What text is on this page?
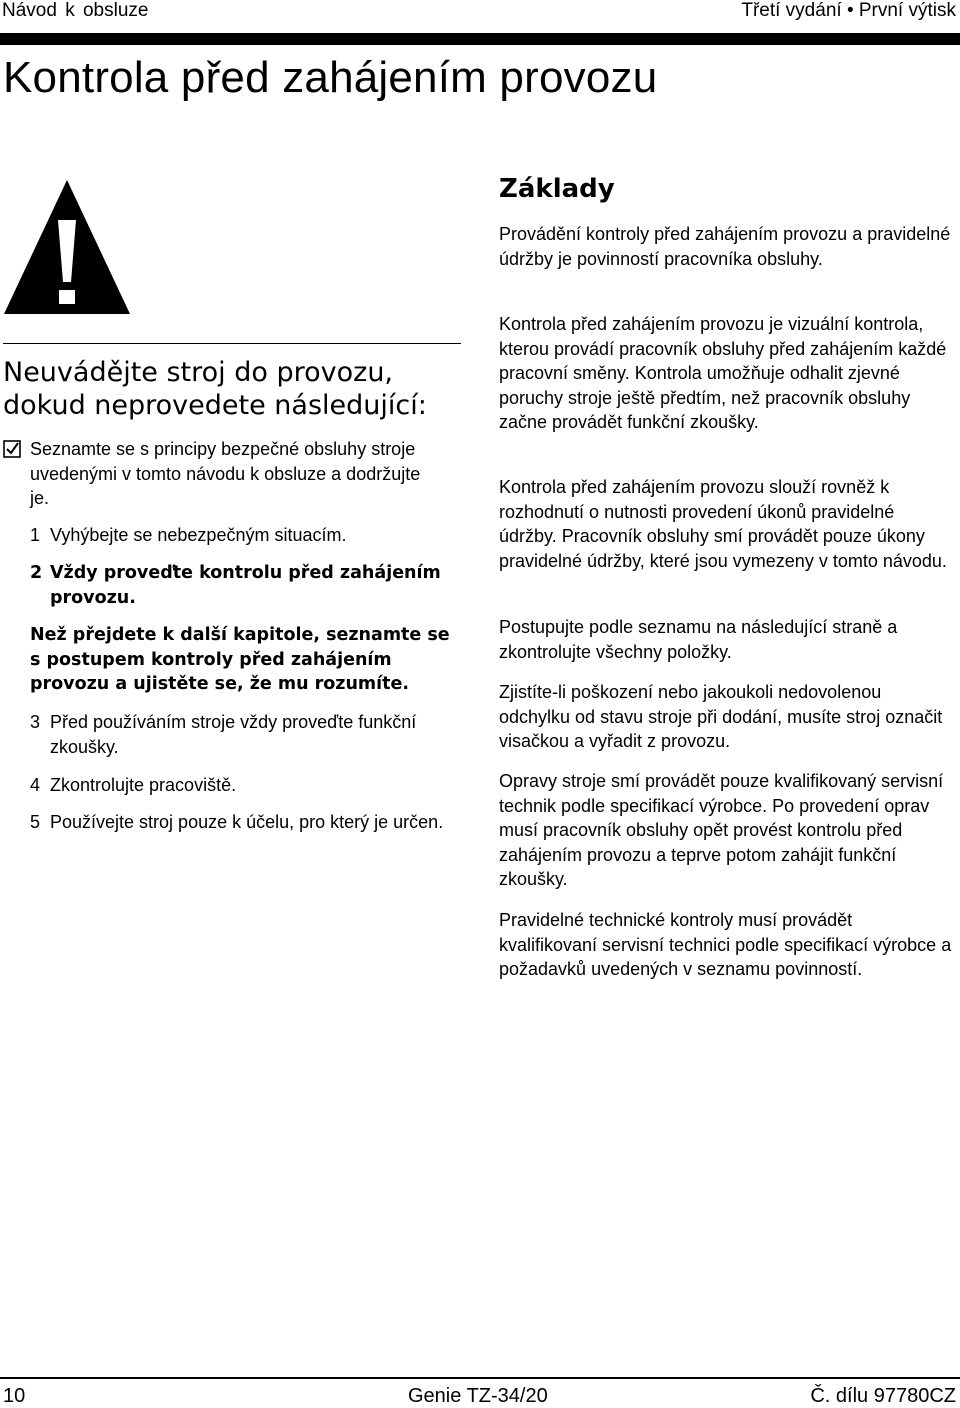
Návod k obsluze	Třetí vydání • První výtisk
Kontrola před zahájením provozu
Neuvádějte stroj do provozu,
dokud neprovedete následující:
Seznamte se s principy bezpečné obsluhy stroje uvedenými v tomto návodu k obsluze a dodržujte je.
1 Vyhýbejte se nebezpečným situacím.
2 Vždy proveďte kontrolu před zahájením provozu.
Než přejdete k další kapitole, seznamte se s postupem kontroly před zahájením provozu a ujistěte se, že mu rozumíte.
3 Před používáním stroje vždy proveďte funkční zkoušky.
4 Zkontrolujte pracoviště.
5 Používejte stroj pouze k účelu, pro který je určen.
Základy

Provádění kontroly před zahájením provozu a pravidelné údržby je povinností pracovníka obsluhy.

Kontrola před zahájením provozu je vizuální kontrola, kterou provádí pracovník obsluhy před zahájením každé pracovní směny. Kontrola umožňuje odhalit zjevné poruchy stroje ještě předtím, než pracovník obsluhy začne provádět funkční zkoušky.

Kontrola před zahájením provozu slouží rovněž k rozhodnutí o nutnosti provedení úkonů pravidelné údržby. Pracovník obsluhy smí provádět pouze úkony pravidelné údržby, které jsou vymezeny v tomto návodu.

Postupujte podle seznamu na následující straně a zkontrolujte všechny položky.

Zjistíte-li poškození nebo jakoukoli nedovolenou odchylku od stavu stroje při dodání, musíte stroj označit visačkou a vyřadit z provozu.

Opravy stroje smí provádět pouze kvalifikovaný servisní technik podle specifikací výrobce. Po provedení oprav musí pracovník obsluhy opět provést kontrolu před zahájením provozu a teprve potom zahájit funkční zkoušky.

Pravidelné technické kontroly musí provádět kvalifikovaní servisní technici podle specifikací výrobce a požadavků uvedených v seznamu povinností.

10	Genie TZ-34/20	Č. dílu 97780CZ
